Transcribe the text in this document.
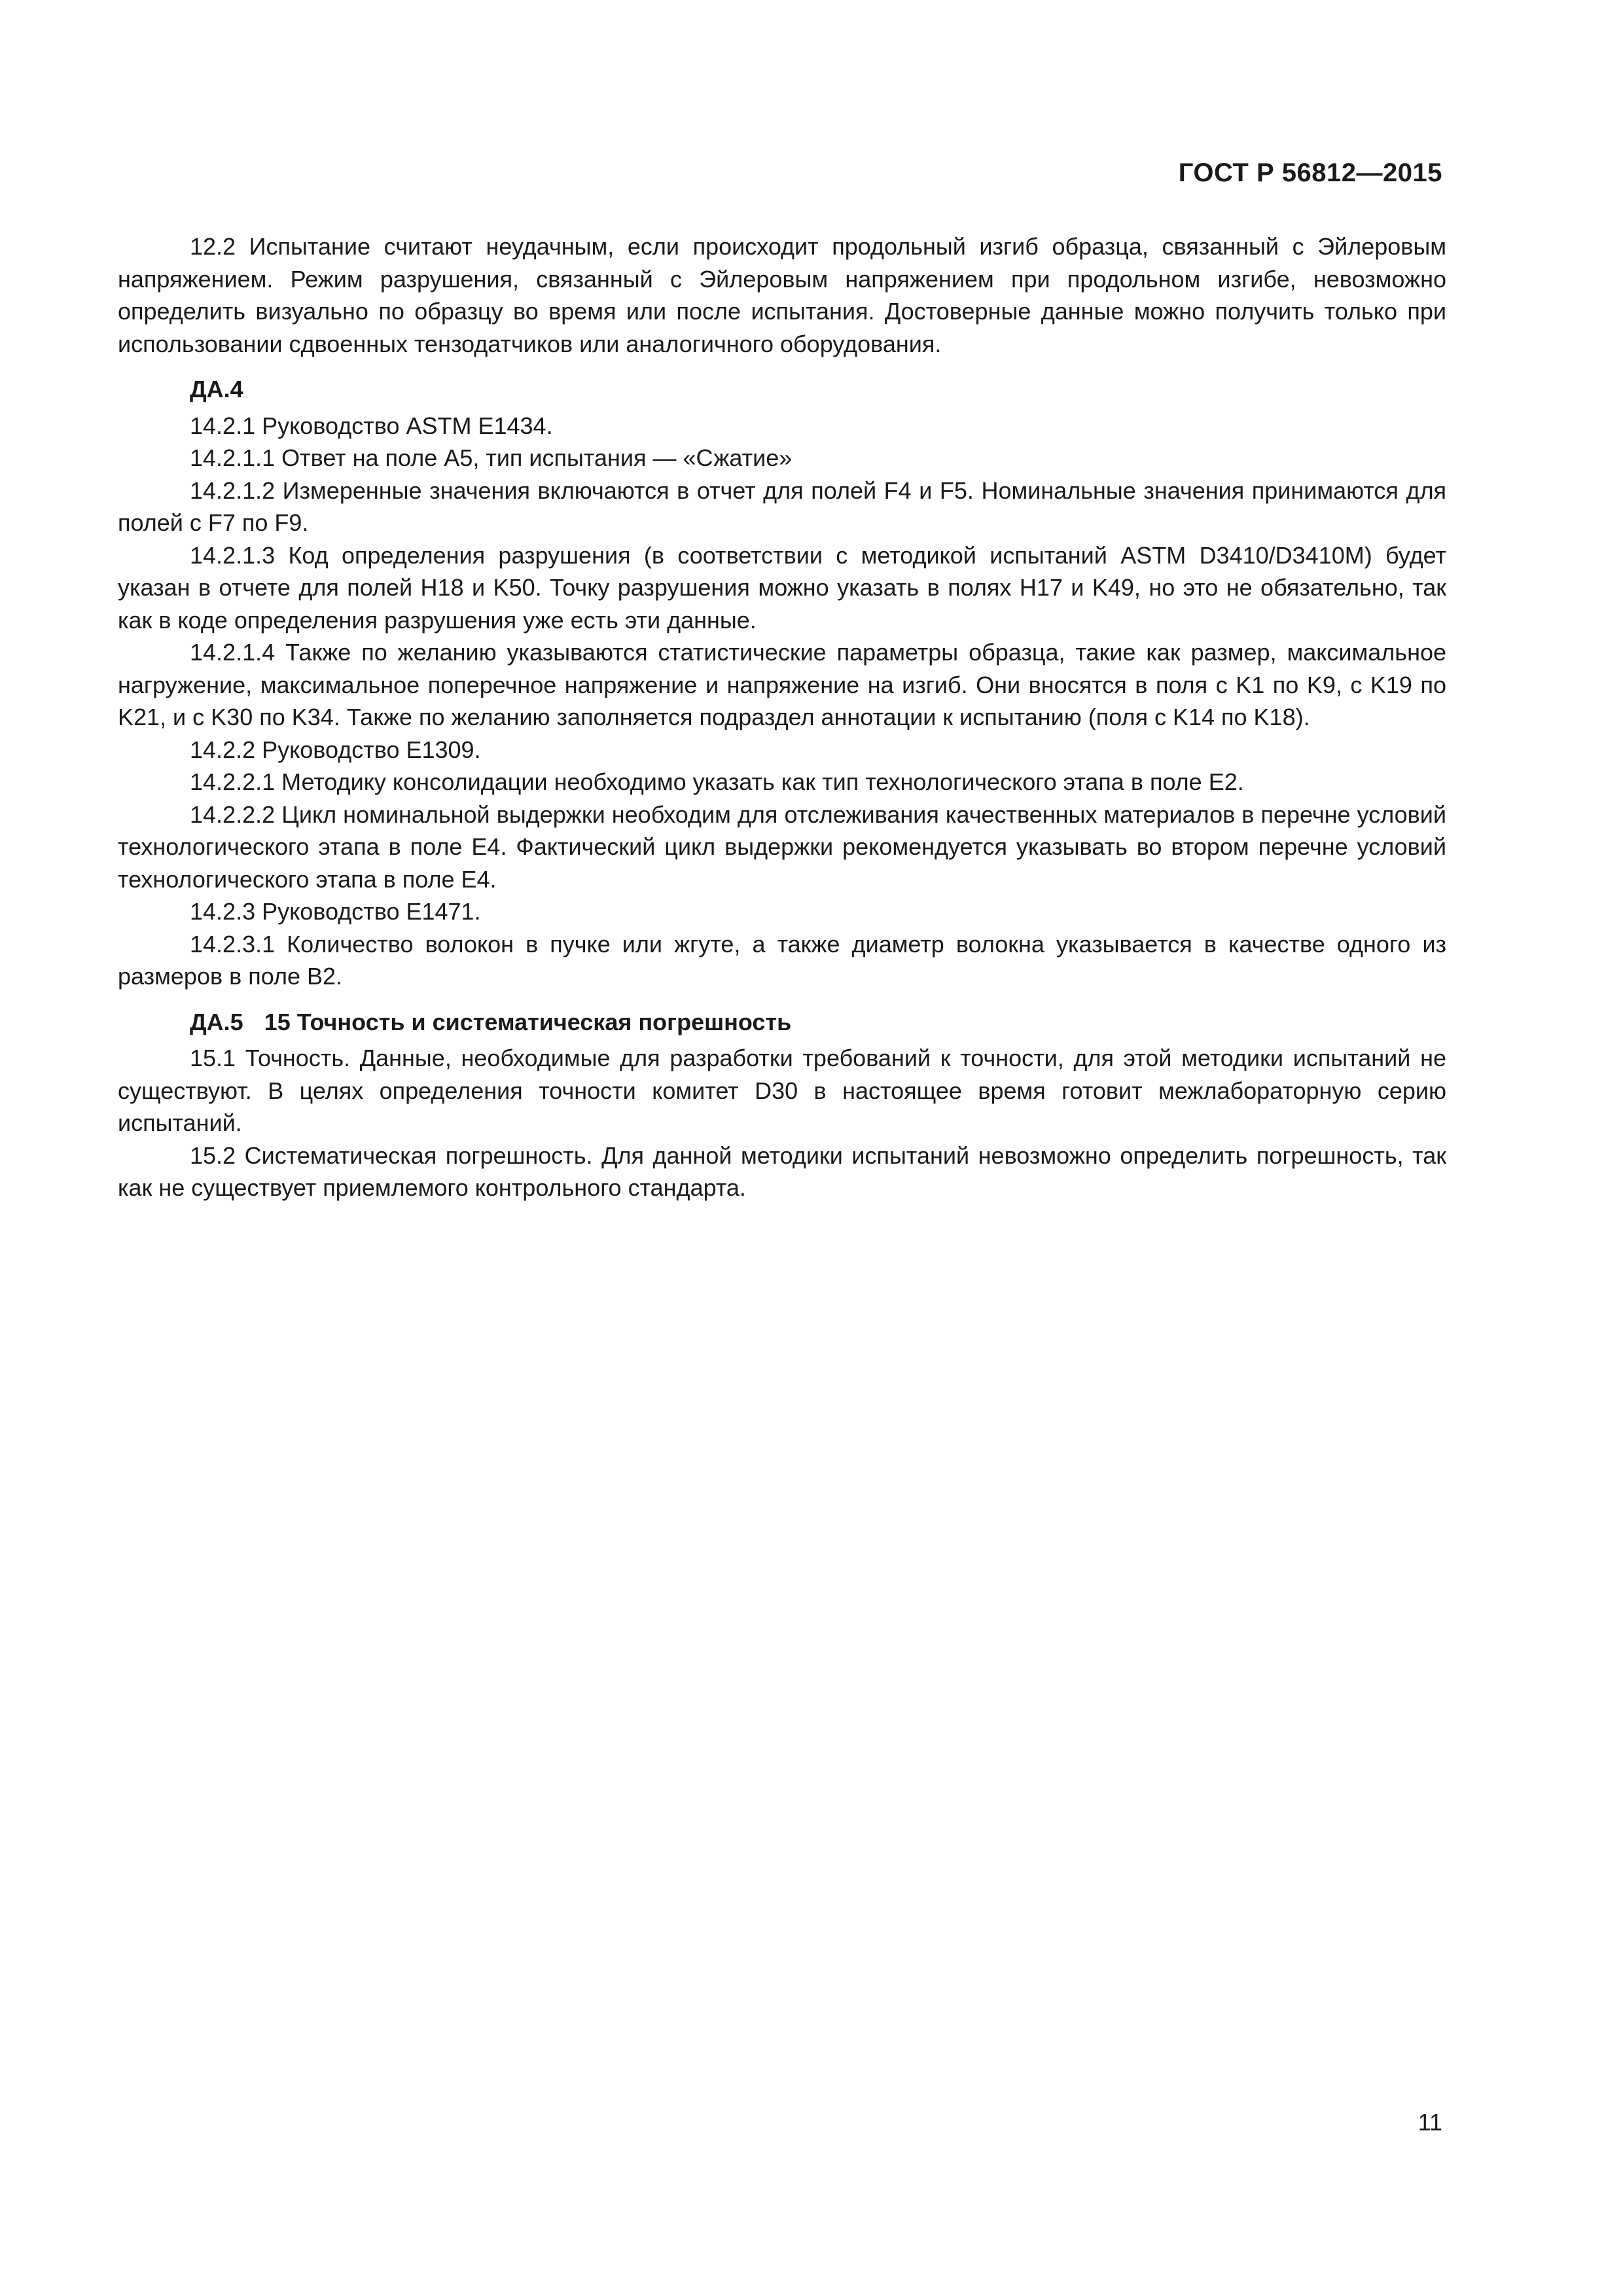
ГОСТ Р 56812—2015

12.2 Испытание считают неудачным, если происходит продольный изгиб образца, связанный с Эйлеровым напряжением. Режим разрушения, связанный с Эйлеровым напряжением при продольном изгибе, невозможно определить визуально по образцу во время или после испытания. Достоверные данные можно получить только при использовании сдвоенных тензодатчиков или аналогичного оборудования.

ДА.4

14.2.1 Руководство ASTM E1434.

14.2.1.1 Ответ на поле А5, тип испытания — «Сжатие»

14.2.1.2 Измеренные значения включаются в отчет для полей F4 и F5. Номинальные значения принимаются для полей с F7 по F9.

14.2.1.3 Код определения разрушения (в соответствии с методикой испытаний ASTM D3410/D3410M) будет указан в отчете для полей H18 и K50. Точку разрушения можно указать в полях H17 и K49, но это не обязательно, так как в коде определения разрушения уже есть эти данные.

14.2.1.4 Также по желанию указываются статистические параметры образца, такие как размер, максимальное нагружение, максимальное поперечное напряжение и напряжение на изгиб. Они вносятся в поля с K1 по K9, с K19 по K21, и с K30 по K34. Также по желанию заполняется подраздел аннотации к испытанию (поля с K14 по K18).

14.2.2 Руководство E1309.

14.2.2.1 Методику консолидации необходимо указать как тип технологического этапа в поле E2.

14.2.2.2 Цикл номинальной выдержки необходим для отслеживания качественных материалов в перечне условий технологического этапа в поле E4. Фактический цикл выдержки рекомендуется указывать во втором перечне условий технологического этапа в поле E4.

14.2.3 Руководство E1471.

14.2.3.1 Количество волокон в пучке или жгуте, а также диаметр волокна указывается в качестве одного из размеров в поле B2.

ДА.5 15 Точность и систематическая погрешность

15.1 Точность. Данные, необходимые для разработки требований к точности, для этой методики испытаний не существуют. В целях определения точности комитет D30 в настоящее время готовит межлабораторную серию испытаний.

15.2 Систематическая погрешность. Для данной методики испытаний невозможно определить погрешность, так как не существует приемлемого контрольного стандарта.

11
